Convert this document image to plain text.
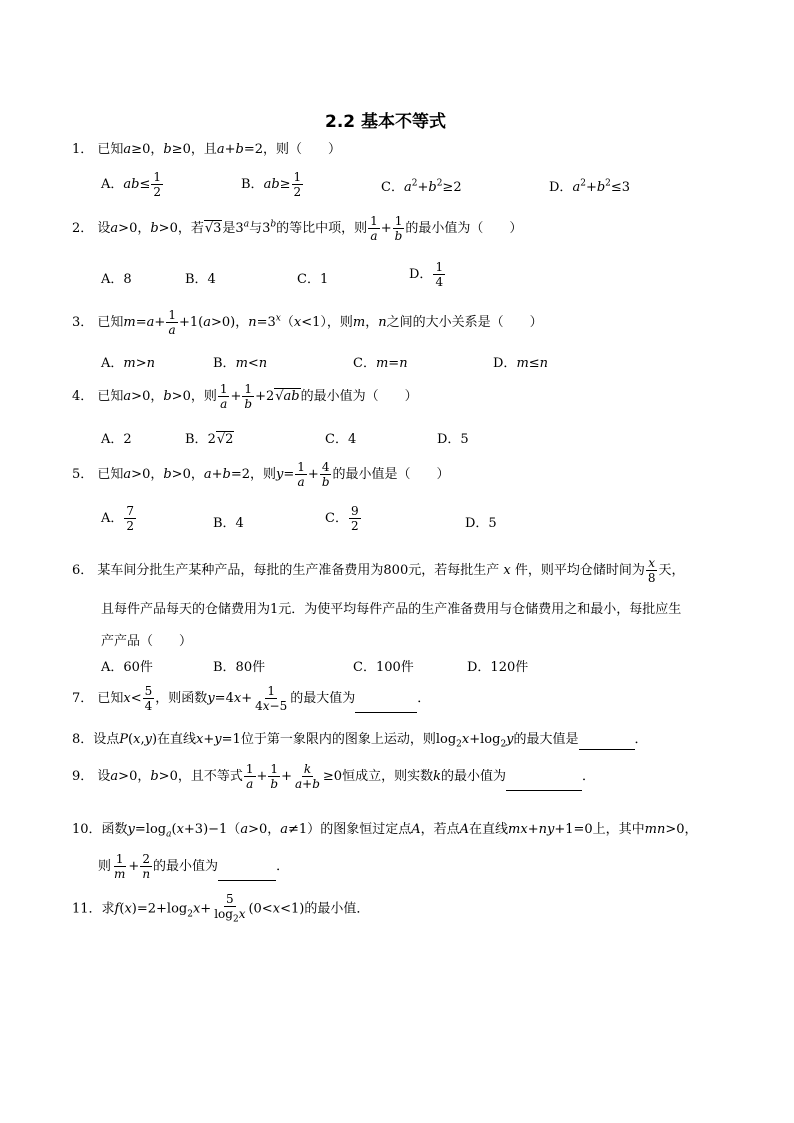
2.2 基本不等式
1． 已知a≥0，b≥0，且a+b=2，则（　　）
A．$ab\le \frac{1}{2}$	B．$ab\ge \frac{1}{2}$	C．$a^2+b^2\ge 2$	D．$a^2+b^2\le 3$
2． 设a>0，b>0，若√3是3$^a$与3$^b$的等比中项，则 $\frac{1}{a} + \frac{1}{b}$ 的最小值为（　　）
A．8	B．4	C．1	D． $\frac{1}{4}$
3． 已知$m=a+ \frac{1}{a} +1(a>0)$，$n=3^x(x<1)$，则m，n之间的大小关系是（　　）
A．m>n	B．m<n	C．m=n	D．m≤n
4． 已知a>0，b>0，则 $\frac{1}{a} + \frac{1}{b} +2√ab$的最小值为（　　）
A．2	B．2√2	C．4	D．5
5． 已知a>0，b>0，a+b=2，则$y= \frac{1}{a} + \frac{4}{b}$ 的最小值是（　　）
A． $\frac{7}{2}$	B．4	C． $\frac{9}{2}$	D．5
6． 某车间分批生产某种产品，每批的生产准备费用为800元，若每批生产 x 件，则平均仓储时间为 $\frac{x}{8}$ 天，
且每件产品每天的仓储费用为1元．为使平均每件产品的生产准备费用与仓储费用之和最小，每批应生
产产品（　　）
A．60件	B．80件	C．100件	D．120件
7． 已知$x< \frac{5}{4}$ ，则函数$y=4x+ \frac{1}{4x-5}$ 的最大值为	．
8．设点P(x,y)在直线x+y=1位于第一象限内的图象上运动，则$\log_2x+\log_2y$的最大值是	．
9． 设a>0，b>0，且不等式 $\frac{1}{a} + \frac{1}{b} + \frac{k}{a+b} \ge 0$恒成立，则实数k的最小值为	．
10．函数$y=\log_a(x+3)-1(a>0$，a≠1）的图象恒过定点A，若点A在直线mx+ny+1=0上，其中mn>0，
则 $\frac{1}{m} + \frac{2}{n}$ 的最小值为	．
11．求$f(x)=2+\log_2x+ \frac{5}{\log_2x} (0<x<1)$的最小值．
